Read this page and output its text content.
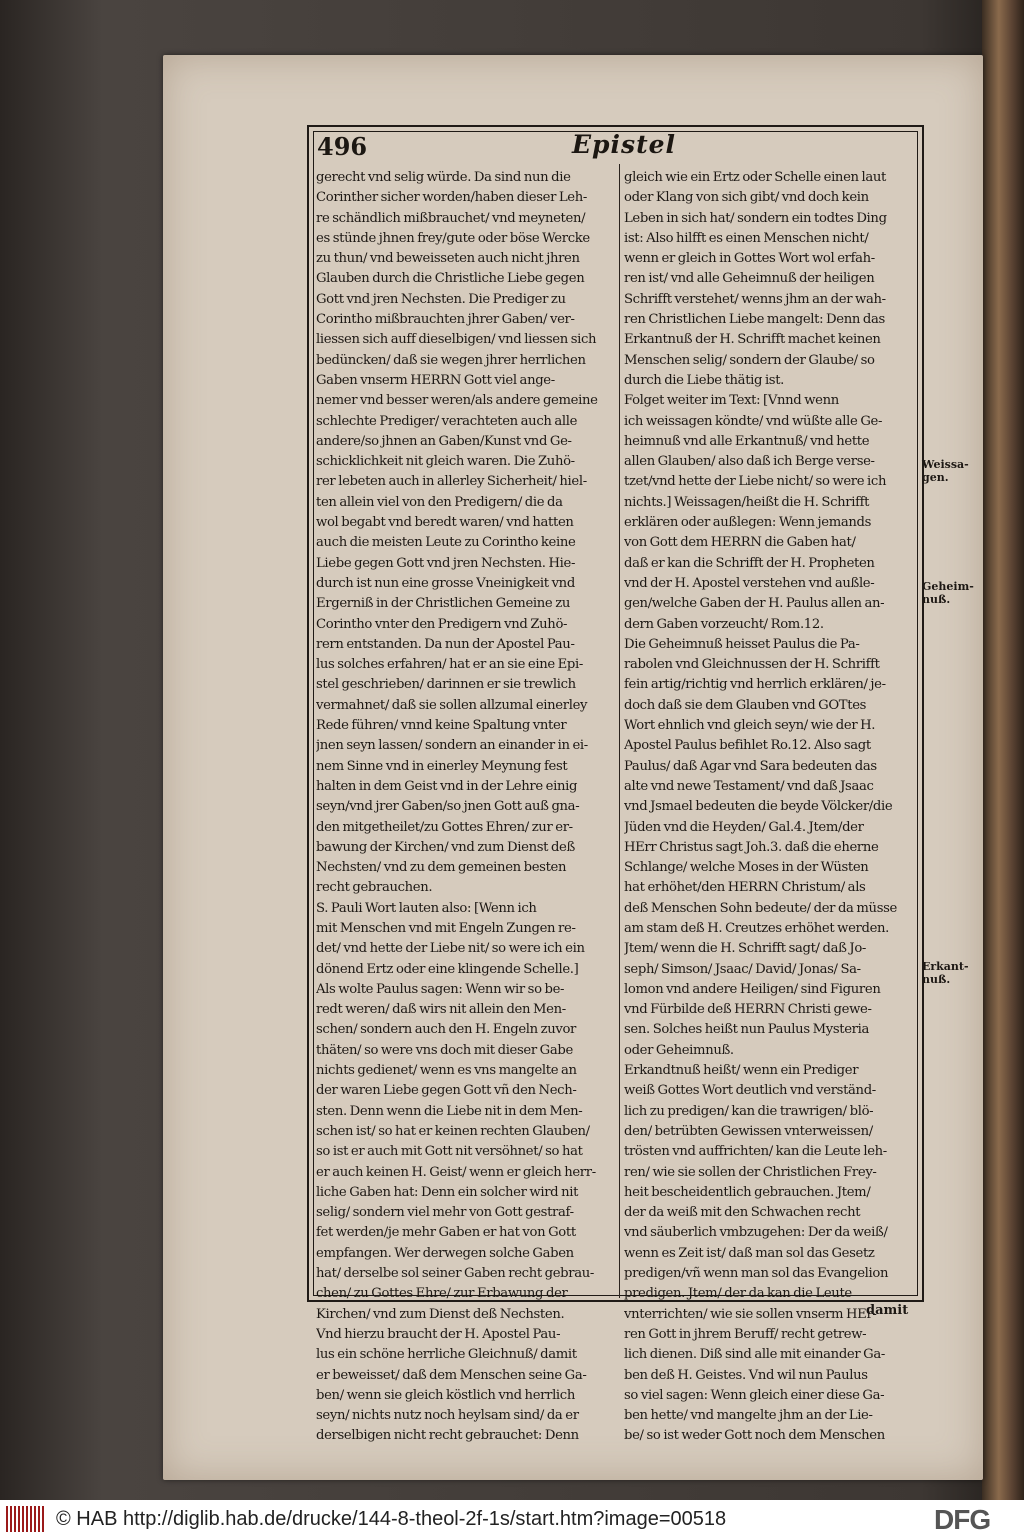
496	Epistel
gerecht vnd selig würde. Da sind nun die
Corinther sicher worden/haben dieser Leh-
re schändlich mißbrauchet/ vnd meyneten/
es stünde jhnen frey/gute oder böse Wercke
zu thun/ vnd beweisseten auch nicht jhren
Glauben durch die Christliche Liebe gegen
Gott vnd jren Nechsten. Die Prediger zu
Corintho mißbrauchten jhrer Gaben/ ver-
liessen sich auff dieselbigen/ vnd liessen sich
bedüncken/ daß sie wegen jhrer herrlichen
Gaben vnserm HERRN Gott viel ange-
nemer vnd besser weren/als andere gemeine
schlechte Prediger/ verachteten auch alle
andere/so jhnen an Gaben/Kunst vnd Ge-
schicklichkeit nit gleich waren. Die Zuhö-
rer lebeten auch in allerley Sicherheit/ hiel-
ten allein viel von den Predigern/ die da
wol begabt vnd beredt waren/ vnd hatten
auch die meisten Leute zu Corintho keine
Liebe gegen Gott vnd jren Nechsten. Hie-
durch ist nun eine grosse Vneinigkeit vnd
Ergerniß in der Christlichen Gemeine zu
Corintho vnter den Predigern vnd Zuhö-
rern entstanden. Da nun der Apostel Pau-
lus solches erfahren/ hat er an sie eine Epi-
stel geschrieben/ darinnen er sie trewlich
vermahnet/ daß sie sollen allzumal einerley
Rede führen/ vnnd keine Spaltung vnter
jnen seyn lassen/ sondern an einander in ei-
nem Sinne vnd in einerley Meynung fest
halten in dem Geist vnd in der Lehre einig
seyn/vnd jrer Gaben/so jnen Gott auß gna-
den mitgetheilet/zu Gottes Ehren/ zur er-
bawung der Kirchen/ vnd zum Dienst deß
Nechsten/ vnd zu dem gemeinen besten
recht gebrauchen.
S. Pauli Wort lauten also: [Wenn ich
mit Menschen vnd mit Engeln Zungen re-
det/ vnd hette der Liebe nit/ so were ich ein
dönend Ertz oder eine klingende Schelle.]
Als wolte Paulus sagen: Wenn wir so be-
redt weren/ daß wirs nit allein den Men-
schen/ sondern auch den H. Engeln zuvor
thäten/ so were vns doch mit dieser Gabe
nichts gedienet/ wenn es vns mangelte an
der waren Liebe gegen Gott vñ den Nech-
sten. Denn wenn die Liebe nit in dem Men-
schen ist/ so hat er keinen rechten Glauben/
so ist er auch mit Gott nit versöhnet/ so hat
er auch keinen H. Geist/ wenn er gleich herr-
liche Gaben hat: Denn ein solcher wird nit
selig/ sondern viel mehr von Gott gestraf-
fet werden/je mehr Gaben er hat von Gott
empfangen. Wer derwegen solche Gaben
hat/ derselbe sol seiner Gaben recht gebrau-
chen/ zu Gottes Ehre/ zur Erbawung der
Kirchen/ vnd zum Dienst deß Nechsten.
Vnd hierzu braucht der H. Apostel Pau-
lus ein schöne herrliche Gleichnuß/ damit
er beweisset/ daß dem Menschen seine Ga-
ben/ wenn sie gleich köstlich vnd herrlich
seyn/ nichts nutz noch heylsam sind/ da er
derselbigen nicht recht gebrauchet: Denn
gleich wie ein Ertz oder Schelle einen laut
oder Klang von sich gibt/ vnd doch kein
Leben in sich hat/ sondern ein todtes Ding
ist: Also hilfft es einen Menschen nicht/
wenn er gleich in Gottes Wort wol erfah-
ren ist/ vnd alle Geheimnuß der heiligen
Schrifft verstehet/ wenns jhm an der wah-
ren Christlichen Liebe mangelt: Denn das
Erkantnuß der H. Schrifft machet keinen
Menschen selig/ sondern der Glaube/ so
durch die Liebe thätig ist.
Folget weiter im Text: [Vnnd wenn
ich weissagen köndte/ vnd wüßte alle Ge-
heimnuß vnd alle Erkantnuß/ vnd hette
allen Glauben/ also daß ich Berge verse-
tzet/vnd hette der Liebe nicht/ so were ich
nichts.] Weissagen/heißt die H. Schrifft
erklären oder außlegen: Wenn jemands
von Gott dem HERRN die Gaben hat/
daß er kan die Schrifft der H. Propheten
vnd der H. Apostel verstehen vnd außle-
gen/welche Gaben der H. Paulus allen an-
dern Gaben vorzeucht/ Rom.12.
Die Geheimnuß heisset Paulus die Pa-
rabolen vnd Gleichnussen der H. Schrifft
fein artig/richtig vnd herrlich erklären/ je-
doch daß sie dem Glauben vnd GOTtes
Wort ehnlich vnd gleich seyn/ wie der H.
Apostel Paulus befihlet Ro.12. Also sagt
Paulus/ daß Agar vnd Sara bedeuten das
alte vnd newe Testament/ vnd daß Jsaac
vnd Jsmael bedeuten die beyde Völcker/die
Jüden vnd die Heyden/ Gal.4. Jtem/der
HErr Christus sagt Joh.3. daß die eherne
Schlange/ welche Moses in der Wüsten
hat erhöhet/den HERRN Christum/ als
deß Menschen Sohn bedeute/ der da müsse
am stam deß H. Creutzes erhöhet werden.
Jtem/ wenn die H. Schrifft sagt/ daß Jo-
seph/ Simson/ Jsaac/ David/ Jonas/ Sa-
lomon vnd andere Heiligen/ sind Figuren
vnd Fürbilde deß HERRN Christi gewe-
sen. Solches heißt nun Paulus Mysteria
oder Geheimnuß.
Erkandtnuß heißt/ wenn ein Prediger
weiß Gottes Wort deutlich vnd verständ-
lich zu predigen/ kan die trawrigen/ blö-
den/ betrübten Gewissen vnterweissen/
trösten vnd auffrichten/ kan die Leute leh-
ren/ wie sie sollen der Christlichen Frey-
heit bescheidentlich gebrauchen. Jtem/
der da weiß mit den Schwachen recht
vnd säuberlich vmbzugehen: Der da weiß/
wenn es Zeit ist/ daß man sol das Gesetz
predigen/vñ wenn man sol das Evangelion
predigen. Jtem/ der da kan die Leute
vnterrichten/ wie sie sollen vnserm HEr-
ren Gott in jhrem Beruff/ recht getrew-
lich dienen. Diß sind alle mit einander Ga-
ben deß H. Geistes. Vnd wil nun Paulus
so viel sagen: Wenn gleich einer diese Ga-
ben hette/ vnd mangelte jhm an der Lie-
be/ so ist weder Gott noch dem Menschen
Weissa-
gen.
Geheim-
nuß.
Erkant-
nuß.
damit
© HAB http://diglib.hab.de/drucke/144-8-theol-2f-1s/start.htm?image=00518	DFG
